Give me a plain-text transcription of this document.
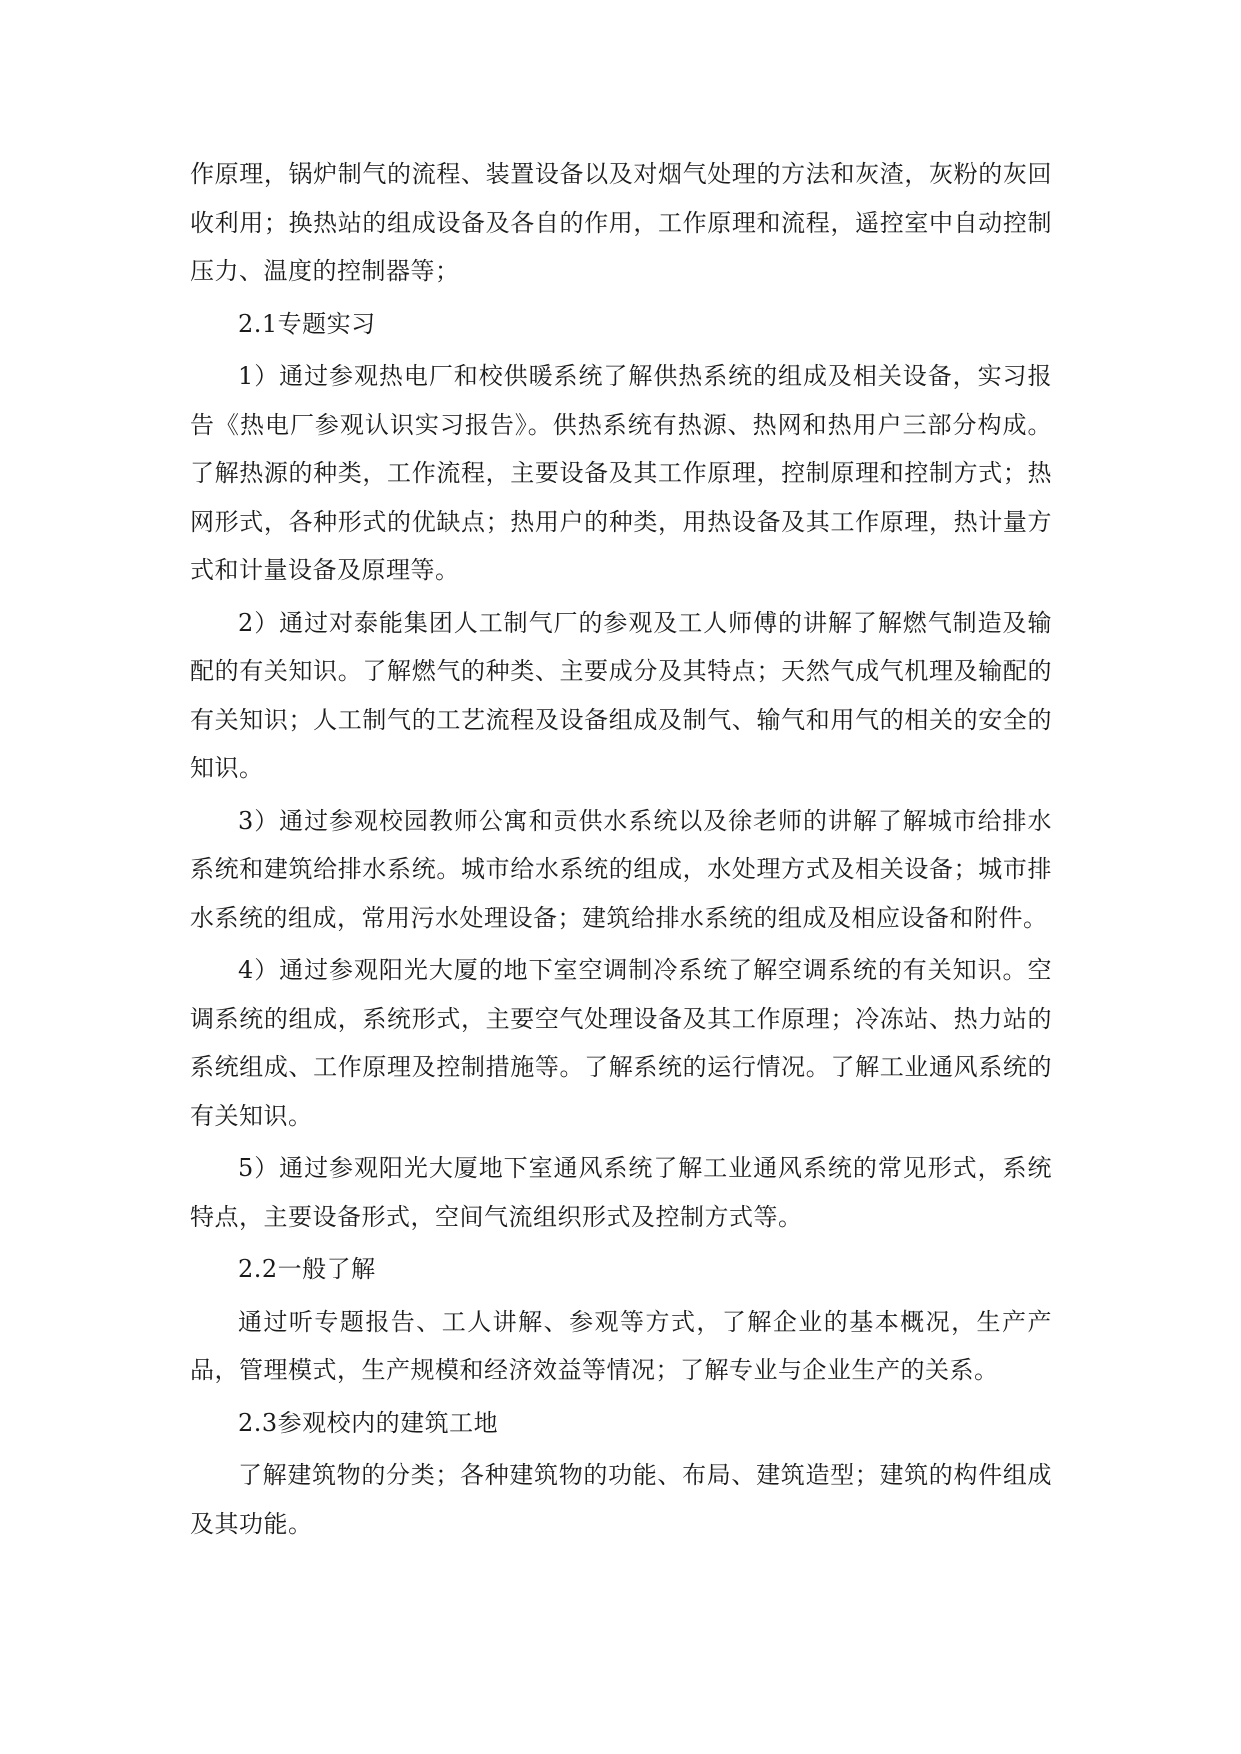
作原理，锅炉制气的流程、装置设备以及对烟气处理的方法和灰渣，灰粉的灰回收利用；换热站的组成设备及各自的作用，工作原理和流程，遥控室中自动控制压力、温度的控制器等；

2.1专题实习

1）通过参观热电厂和校供暖系统了解供热系统的组成及相关设备，实习报告《热电厂参观认识实习报告》。供热系统有热源、热网和热用户三部分构成。了解热源的种类，工作流程，主要设备及其工作原理，控制原理和控制方式；热网形式，各种形式的优缺点；热用户的种类，用热设备及其工作原理，热计量方式和计量设备及原理等。

2）通过对泰能集团人工制气厂的参观及工人师傅的讲解了解燃气制造及输配的有关知识。了解燃气的种类、主要成分及其特点；天然气成气机理及输配的有关知识；人工制气的工艺流程及设备组成及制气、输气和用气的相关的安全的知识。

3）通过参观校园教师公寓和贡供水系统以及徐老师的讲解了解城市给排水系统和建筑给排水系统。城市给水系统的组成，水处理方式及相关设备；城市排水系统的组成，常用污水处理设备；建筑给排水系统的组成及相应设备和附件。

4）通过参观阳光大厦的地下室空调制冷系统了解空调系统的有关知识。空调系统的组成，系统形式，主要空气处理设备及其工作原理；冷冻站、热力站的系统组成、工作原理及控制措施等。了解系统的运行情况。了解工业通风系统的有关知识。

5）通过参观阳光大厦地下室通风系统了解工业通风系统的常见形式，系统特点，主要设备形式，空间气流组织形式及控制方式等。

2.2一般了解

通过听专题报告、工人讲解、参观等方式，了解企业的基本概况，生产产品，管理模式，生产规模和经济效益等情况；了解专业与企业生产的关系。

2.3参观校内的建筑工地

了解建筑物的分类；各种建筑物的功能、布局、建筑造型；建筑的构件组成及其功能。
